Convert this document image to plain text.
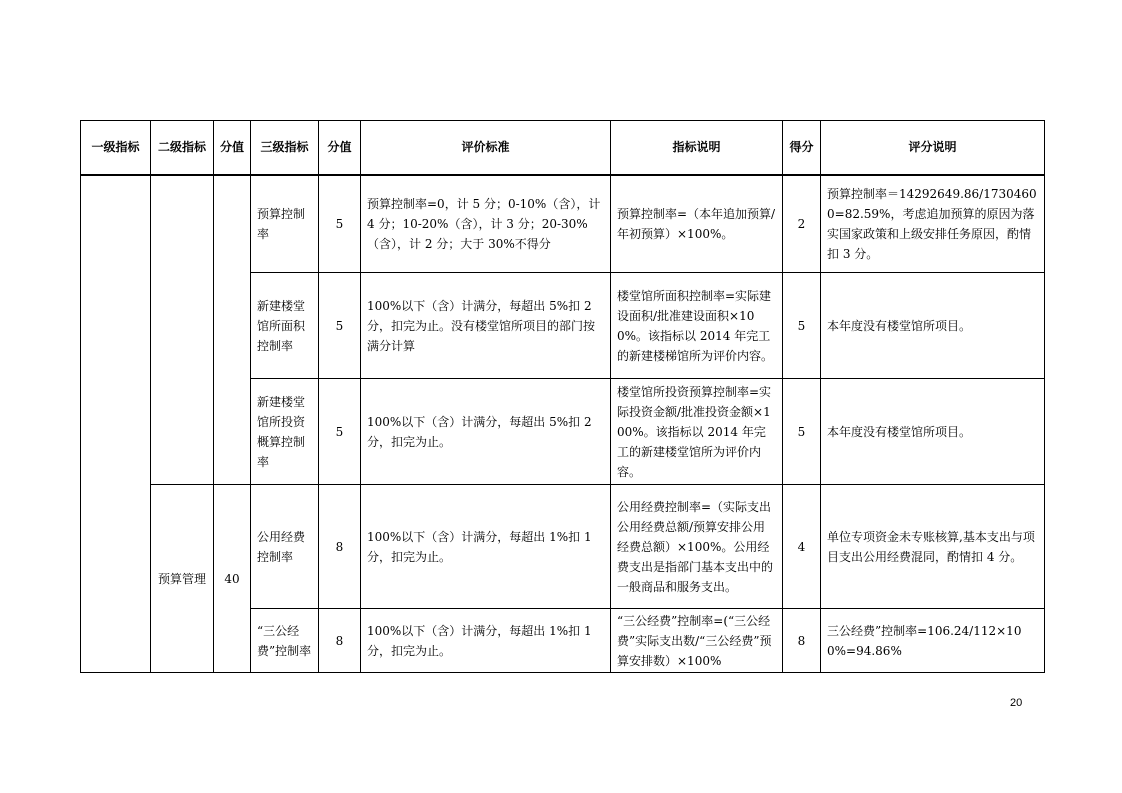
一级指标	二级指标	分值	三级指标	分值	评价标准	指标说明	得分	评分说明
			预算控制率	5	预算控制率=0，计 5 分；0-10%（含），计 4 分；10-20%（含），计 3 分；20-30%（含），计 2 分；大于 30%不得分	预算控制率=（本年追加预算/年初预算）×100%。	2	预算控制率＝14292649.86/17304600=82.59%，考虑追加预算的原因为落实国家政策和上级安排任务原因，酌情扣 3 分。
			新建楼堂馆所面积控制率	5	100%以下（含）计满分，每超出 5%扣 2 分，扣完为止。没有楼堂馆所项目的部门按满分计算	楼堂馆所面积控制率=实际建设面积/批准建设面积×100%。该指标以 2014 年完工的新建楼梯馆所为评价内容。	5	本年度没有楼堂馆所项目。
			新建楼堂馆所投资概算控制率	5	100%以下（含）计满分，每超出 5%扣 2 分，扣完为止。	楼堂馆所投资预算控制率=实际投资金额/批准投资金额×100%。该指标以 2014 年完工的新建楼堂馆所为评价内容。	5	本年度没有楼堂馆所项目。
	预算管理	40	公用经费控制率	8	100%以下（含）计满分，每超出 1%扣 1 分，扣完为止。	公用经费控制率=（实际支出公用经费总额/预算安排公用经费总额）×100%。公用经费支出是指部门基本支出中的一般商品和服务支出。	4	单位专项资金未专账核算,基本支出与项目支出公用经费混同，酌情扣 4 分。
			“三公经费”控制率	8	100%以下（含）计满分，每超出 1%扣 1 分，扣完为止。	“三公经费”控制率=(“三公经费”实际支出数/“三公经费”预算安排数）×100%	8	三公经费”控制率=106.24/112×100%=94.86%
20
